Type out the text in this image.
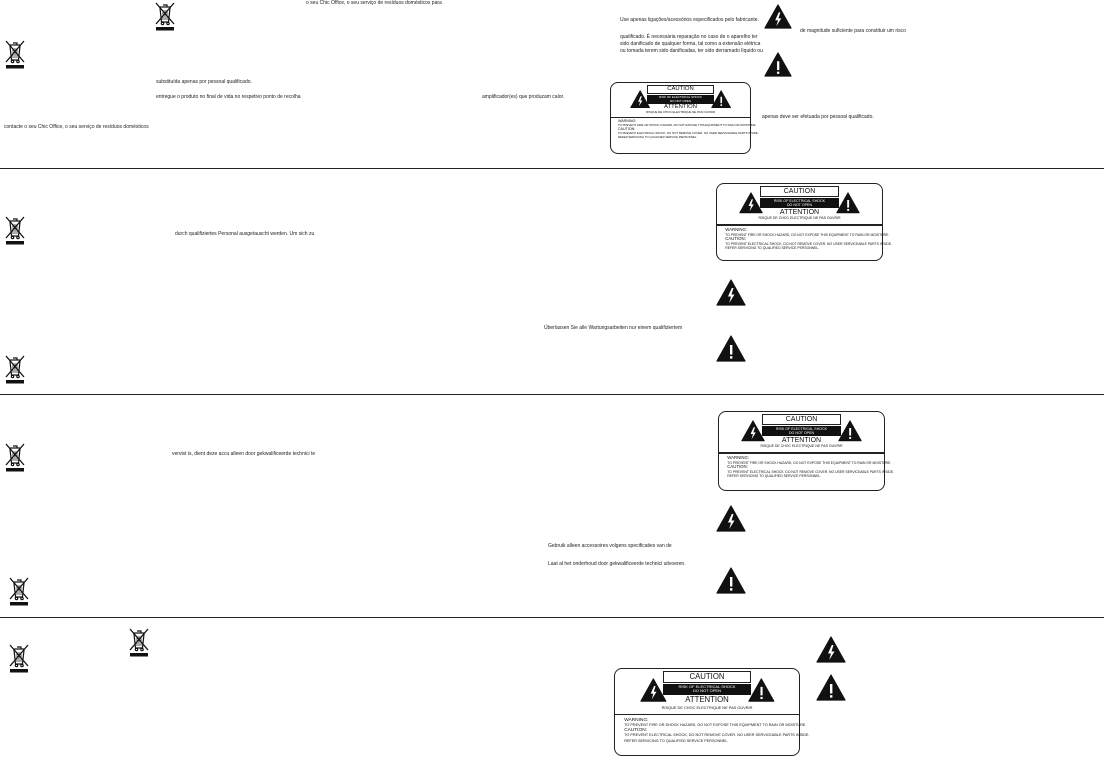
o seu Chic Office, o seu serviço de resíduos domésticos para
Use apenas ligações/acessórios especificados pelo fabricante.
qualificado. É necessária reparação no caso de o aparelho ter
sido danificado de qualquer forma, tal como a extensão elétrica
ou tomada terem sido danificadas, ter sido derramado líquido ou
de magnitude suficiente para constituir um risco
substituída apenas por pessoal qualificado.
entregue o produto no final de vida no respetivo ponto de recolha	amplificador(es) que produzam calor.
apenas deve ser efetuada por pessoal qualificado.
contacte o seu Chic Office, o seu serviço de resíduos domésticos
CAUTION
RISK OF ELECTRICAL SHOCK
DO NOT OPEN
ATTENTION
RISQUE DE CHOC ELECTRIQUE NE PAS OUVRIR
WARNING:
TO PREVENT FIRE OR SHOCK HAZARD, DO NOT EXPOSE THIS EQUIPMENT TO RAIN OR MOISTURE.
CAUTION:
TO PREVENT ELECTRICAL SHOCK, DO NOT REMOVE COVER. NO USER SERVICEABLE PARTS INSIDE.
REFER SERVICING TO QUALIFIED SERVICE PERSONNEL.
durch qualifiziertes Personal ausgetauscht werden. Um sich zu
Überlassen Sie alle Wartungsarbeiten nur einem qualifiziertem
CAUTION
RISK OF ELECTRICAL SHOCK
DO NOT OPEN
ATTENTION
RISQUE DE CHOC ELECTRIQUE NE PAS OUVRIR
WARNING:
TO PREVENT FIRE OR SHOCK HAZARD, DO NOT EXPOSE THIS EQUIPMENT TO RAIN OR MOISTURE.
CAUTION:
TO PREVENT ELECTRICAL SHOCK, DO NOT REMOVE COVER. NO USER SERVICEABLE PARTS INSIDE.
REFER SERVICING TO QUALIFIED SERVICE PERSONNEL.
vervist is, dient deze accu alleen door gekwalificeerde technici te
Gebruik alleen accessoires volgens specificaties van de
Laat al het onderhoud door gekwalificeerde technici uitvoeren.
CAUTION
RISK OF ELECTRICAL SHOCK
DO NOT OPEN
ATTENTION
RISQUE DE CHOC ELECTRIQUE NE PAS OUVRIR
WARNING:
TO PREVENT FIRE OR SHOCK HAZARD, DO NOT EXPOSE THIS EQUIPMENT TO RAIN OR MOISTURE.
CAUTION:
TO PREVENT ELECTRICAL SHOCK, DO NOT REMOVE COVER. NO USER SERVICEABLE PARTS INSIDE.
REFER SERVICING TO QUALIFIED SERVICE PERSONNEL.
CAUTION
RISK OF ELECTRICAL SHOCK
DO NOT OPEN
ATTENTION
RISQUE DE CHOC ELECTRIQUE NE PAS OUVRIR
WARNING:
TO PREVENT FIRE OR SHOCK HAZARD, DO NOT EXPOSE THIS EQUIPMENT TO RAIN OR MOISTURE.
CAUTION:
TO PREVENT ELECTRICAL SHOCK, DO NOT REMOVE COVER. NO USER SERVICEABLE PARTS INSIDE.
REFER SERVICING TO QUALIFIED SERVICE PERSONNEL.
